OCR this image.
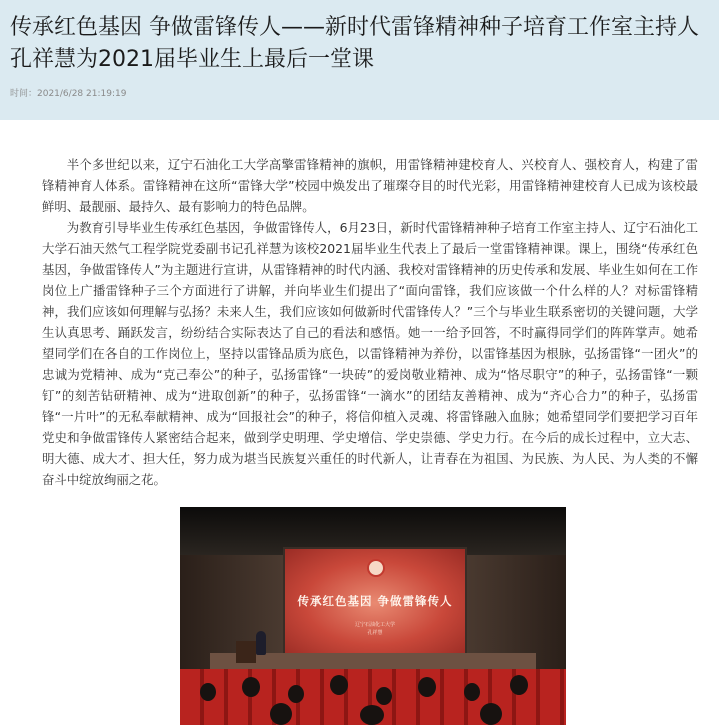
传承红色基因 争做雷锋传人——新时代雷锋精神种子培育工作室主持人孔祥慧为2021届毕业生上最后一堂课
时间：2021/6/28 21:19:19

半个多世纪以来，辽宁石油化工大学高擎雷锋精神的旗帜，用雷锋精神建校育人、兴校育人、强校育人，构建了雷锋精神育人体系。雷锋精神在这所“雷锋大学”校园中焕发出了璀璨夺目的时代光彩，用雷锋精神建校育人已成为该校最鲜明、最靓丽、最持久、最有影响力的特色品牌。

为教育引导毕业生传承红色基因，争做雷锋传人，6月23日，新时代雷锋精神种子培育工作室主持人、辽宁石油化工大学石油天然气工程学院党委副书记孔祥慧为该校2021届毕业生代表上了最后一堂雷锋精神课。课上，围绕“传承红色基因，争做雷锋传人”为主题进行宣讲，从雷锋精神的时代内涵、我校对雷锋精神的历史传承和发展、毕业生如何在工作岗位上广播雷锋种子三个方面进行了讲解，并向毕业生们提出了“面向雷锋，我们应该做一个什么样的人？对标雷锋精神，我们应该如何理解与弘扬？未来人生，我们应该如何做新时代雷锋传人？”三个与毕业生联系密切的关键问题，大学生认真思考、踊跃发言，纷纷结合实际表达了自己的看法和感悟。她一一给予回答，不时赢得同学们的阵阵掌声。她希望同学们在各自的工作岗位上，坚持以雷锋品质为底色，以雷锋精神为养份，以雷锋基因为根脉，弘扬雷锋“一团火”的忠诚为党精神、成为“克己奉公”的种子，弘扬雷锋“一块砖”的爱岗敬业精神、成为“恪尽职守”的种子，弘扬雷锋“一颗钉”的刻苦钻研精神、成为“进取创新”的种子，弘扬雷锋“一滴水”的团结友善精神、成为“齐心合力”的种子，弘扬雷锋“一片叶”的无私奉献精神、成为“回报社会”的种子，将信仰植入灵魂、将雷锋融入血脉；她希望同学们要把学习百年党史和争做雷锋传人紧密结合起来，做到学史明理、学史增信、学史崇德、学史力行。在今后的成长过程中，立大志、明大德、成大才、担大任，努力成为堪当民族复兴重任的时代新人，让青春在为祖国、为民族、为人民、为人类的不懈奋斗中绽放绚丽之花。

传承红色基因 争做雷锋传人
辽宁石油化工大学
孔祥慧
